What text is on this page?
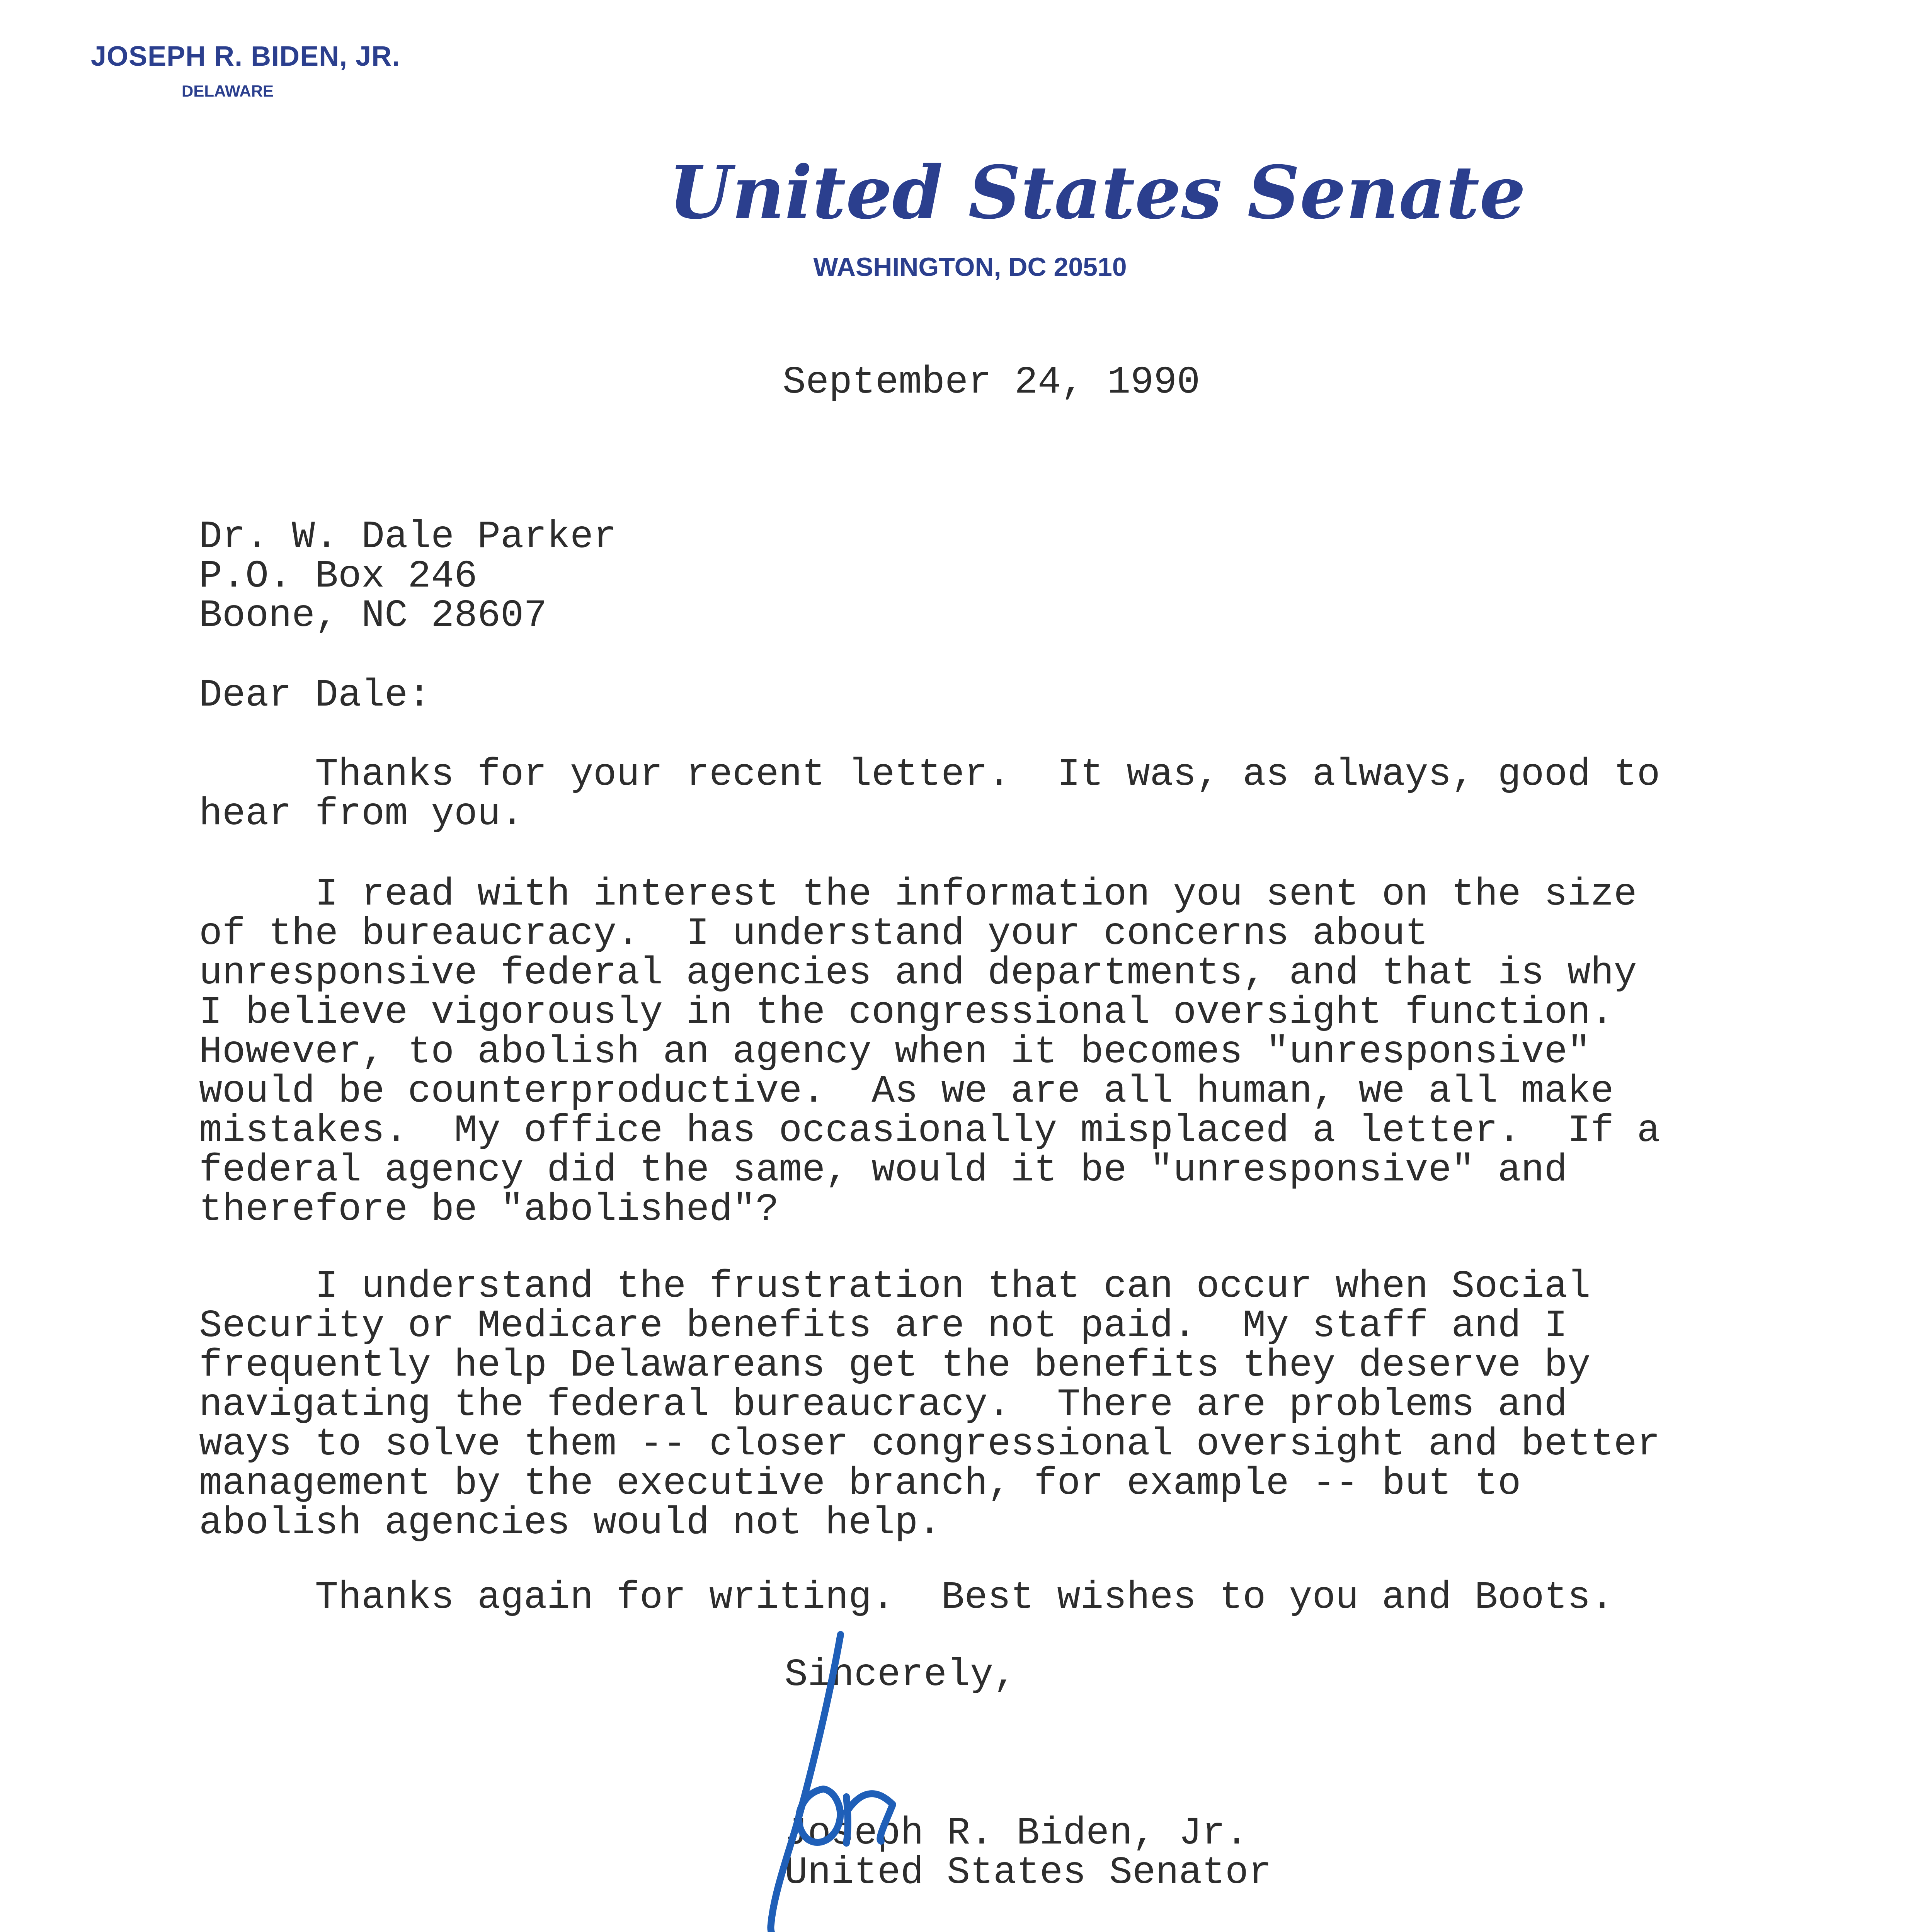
JOSEPH R. BIDEN, JR.
DELAWARE
United States Senate
WASHINGTON, DC 20510
September 24, 1990
Dr. W. Dale Parker
P.O. Box 246
Boone, NC 28607
Dear Dale:
Thanks for your recent letter.  It was, as always, good to
hear from you.
I read with interest the information you sent on the size
of the bureaucracy.  I understand your concerns about
unresponsive federal agencies and departments, and that is why
I believe vigorously in the congressional oversight function.
However, to abolish an agency when it becomes "unresponsive"
would be counterproductive.  As we are all human, we all make
mistakes.  My office has occasionally misplaced a letter.  If a
federal agency did the same, would it be "unresponsive" and
therefore be "abolished"?
I understand the frustration that can occur when Social
Security or Medicare benefits are not paid.  My staff and I
frequently help Delawareans get the benefits they deserve by
navigating the federal bureaucracy.  There are problems and
ways to solve them -- closer congressional oversight and better
management by the executive branch, for example -- but to
abolish agencies would not help.
Thanks again for writing.  Best wishes to you and Boots.
Sincerely,
Joseph R. Biden, Jr.
United States Senator
